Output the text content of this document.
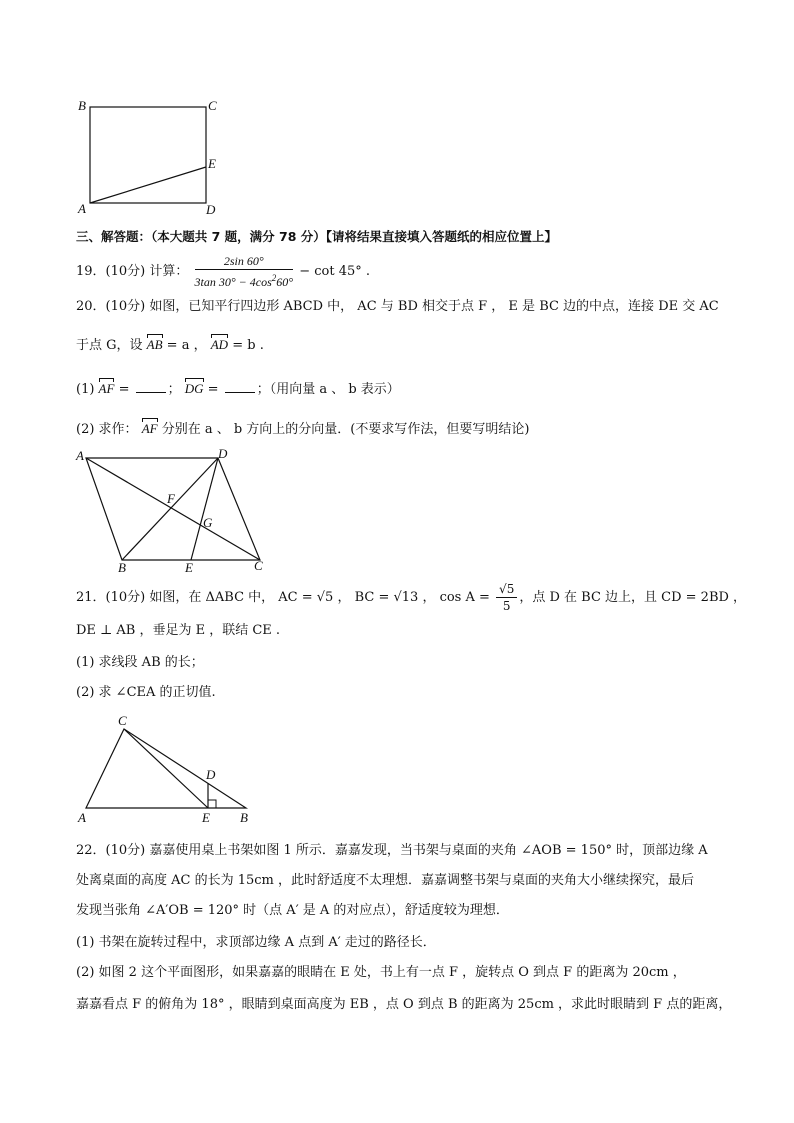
B	C
E
A	D
三、解答题：（本大题共 7 题，满分 78 分）【请将结果直接填入答题纸的相应位置上】
19．(10分) 计算： $\frac{2\sin 60^\circ}{3\tan 30^\circ - 4\cos^260^\circ} - \cot 45^\circ$ .
20．(10分) 如图，已知平行四边形 ABCD 中， AC 与 BD 相交于点 F ， E 是 BC 边的中点，连接 DE 交 AC
于点 G，设 AB = a ， AD = b .
(1) AF =	； DG =	；（用向量 a 、 b 表示）
(2) 求作： AF 分别在 a 、 b 方向上的分向量．(不要求写作法，但要写明结论)
A	D
F
G
B	E	C
21．(10分) 如图，在 ΔABC 中， AC = √5 ， BC = √13 ， $\cos A = \frac{√5}{5}$ ，点 D 在 BC 边上，且 CD = 2BD ，
DE ⊥ AB ，垂足为 E ，联结 CE .
(1) 求线段 AB 的长；
(2) 求 ∠CEA 的正切值.
C
D
A	E B
22．(10分) 嘉嘉使用桌上书架如图 1 所示．嘉嘉发现，当书架与桌面的夹角 ∠AOB = 150° 时，顶部边缘 A
处离桌面的高度 AC 的长为 15cm ，此时舒适度不太理想．嘉嘉调整书架与桌面的夹角大小继续探究，最后
发现当张角 ∠A′OB = 120° 时（点 A′ 是 A 的对应点），舒适度较为理想．
(1) 书架在旋转过程中，求顶部边缘 A 点到 A′ 走过的路径长．
(2) 如图 2 这个平面图形，如果嘉嘉的眼睛在 E 处，书上有一点 F ，旋转点 O 到点 F 的距离为 20cm ，
嘉嘉看点 F 的俯角为 18° ，眼睛到桌面高度为 EB ，点 O 到点 B 的距离为 25cm ，求此时眼睛到 F 点的距离，
